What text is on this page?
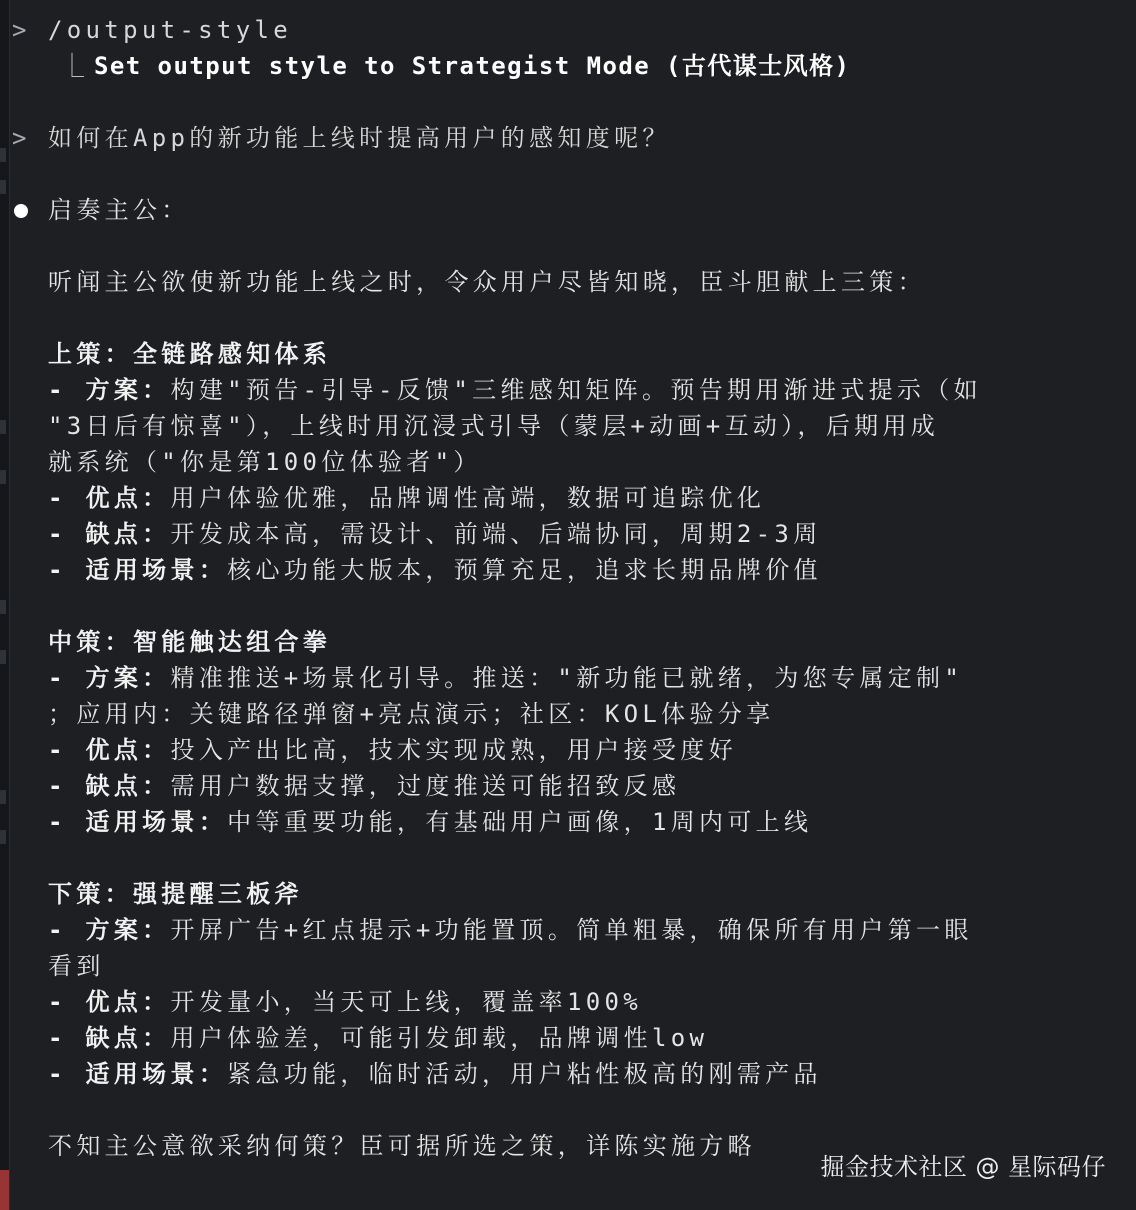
> /output-style
⎿ Set output style to Strategist Mode (古代谋士风格)
> 如何在App的新功能上线时提高用户的感知度呢？
启奏主公：
听闻主公欲使新功能上线之时，令众用户尽皆知晓，臣斗胆献上三策：
上策：全链路感知体系
- 方案：构建"预告-引导-反馈"三维感知矩阵。预告期用渐进式提示（如
"3日后有惊喜"），上线时用沉浸式引导（蒙层+动画+互动），后期用成
就系统（"你是第100位体验者"）
- 优点：用户体验优雅，品牌调性高端，数据可追踪优化
- 缺点：开发成本高，需设计、前端、后端协同，周期2-3周
- 适用场景：核心功能大版本，预算充足，追求长期品牌价值
中策：智能触达组合拳
- 方案：精准推送+场景化引导。推送："新功能已就绪，为您专属定制"
；应用内：关键路径弹窗+亮点演示；社区：KOL体验分享
- 优点：投入产出比高，技术实现成熟，用户接受度好
- 缺点：需用户数据支撑，过度推送可能招致反感
- 适用场景：中等重要功能，有基础用户画像，1周内可上线
下策：强提醒三板斧
- 方案：开屏广告+红点提示+功能置顶。简单粗暴，确保所有用户第一眼
看到
- 优点：开发量小，当天可上线，覆盖率100%
- 缺点：用户体验差，可能引发卸载，品牌调性low
- 适用场景：紧急功能，临时活动，用户粘性极高的刚需产品
不知主公意欲采纳何策？臣可据所选之策，详陈实施方略
掘金技术社区 @ 星际码仔
